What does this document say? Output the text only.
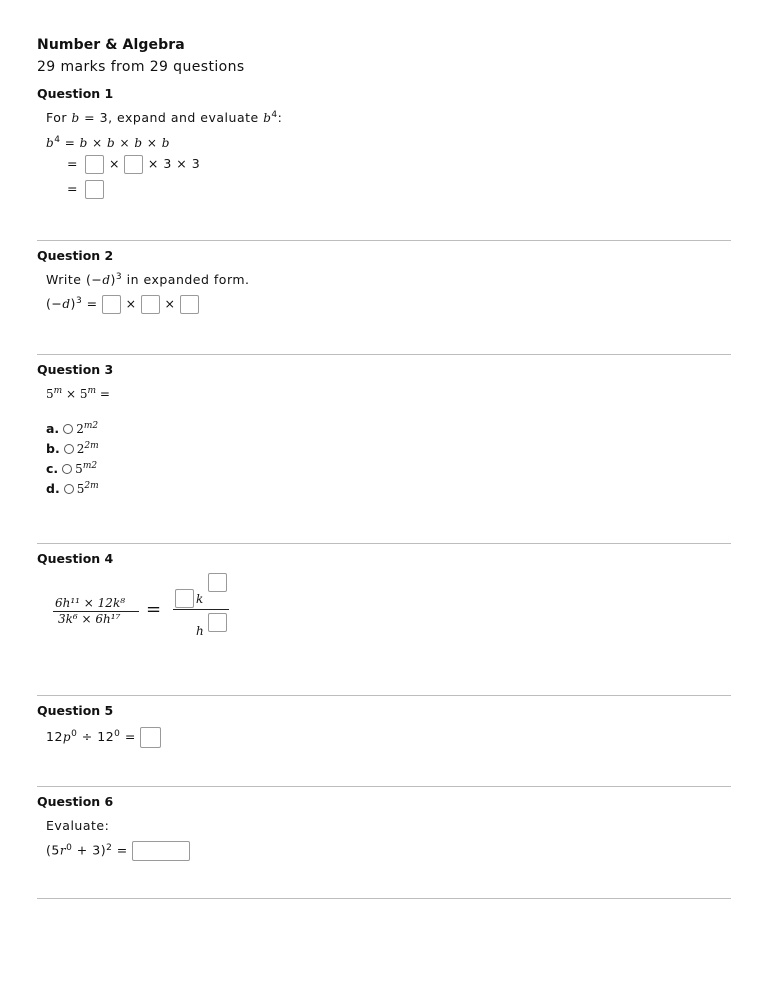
Number & Algebra
29 marks from 29 questions
Question 1
For b = 3, expand and evaluate $b^4$:
$b^4 = b \times b \times b \times b$
= × × 3 × 3
=
Question 2
Write $(-d)^3$ in expanded form.
$(-d)^3$ = × ×
Question 3
$5^m \times 5^m$ =
a. $2^{m2}$
b. $2^{2m}$
c. $5^{m2}$
d. $5^{2m}$
Question 4
6h¹¹ × 12k⁸
3k⁶ × 6h¹⁷ =	k
h
Question 5
$12p^0 \div 12^0$ =
Question 6
Evaluate:
$(5r^0 + 3)^2$ =
